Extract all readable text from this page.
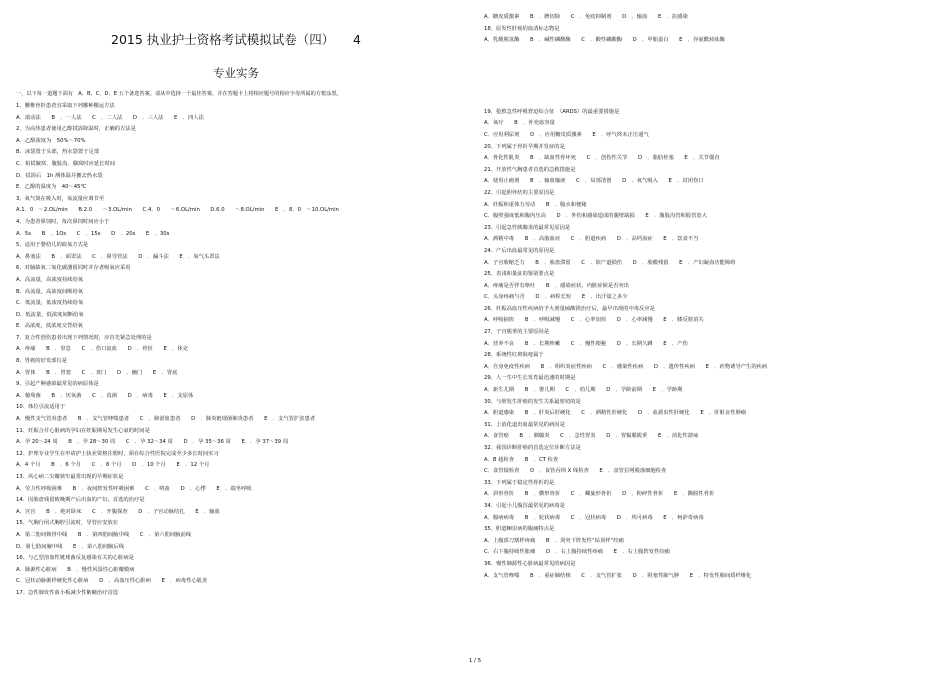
2015 执业护士资格考试模拟试卷（四）　　4
专业实务
一、以下每一道题下面有　A、B、C、D、E 五个备选答案。请从中选择一个最佳答案，并在答题卡上将相应题号的相应字母所属的方框涂黑。
1、腰椎骨折患者宜采取下列哪种搬运方法
A．滚动法　　B　．一人法　　C　．二人法　　D　．三人法　　E　．四人法
2、为高热患者使用乙醇拭浴降温时，正确的方法是
A．乙醇浓度为　50%～70%
B．冰袋置于头部，热水袋置于足部
C．拍拭腋窝、腹股沟、腘窝时应延长时间
D．拭浴后　1h 测体温并撤去热水袋
E．乙醇的温度为　40～45℃
3、氧气筒在吸入时，氧流量应调节至
A.1．0　～2.OL/min　　B.2.0　　～3.OL/min　　C.4．0　　～6.OL/min　　D.6.0　　～8.OL/min　　E　．8．0　～10.OL/min
4、为患者鼻饲时，每次鼻饲时间应小于
A．5s　　B　．1Os　　C　．15s　　D　．20s　　E　．30s
5、适用于婴幼儿的取氧方式是
A．鼻塞法　　B　．面罩法　　C　．鼻导管法　　D　．漏斗法　　E　．氧气头罩法
6、对脑缺氧二氧化碳潴留同时并存者吸氧应采用
A．高流量，高浓度持续给氧
B．高流量，高浓度间断给氧
C．低流量，低浓度持续给氧
D．低流量，低浓度间断给氧
E．高浓度，低浓度交替给氧
7、复合性创伤患者出现下列情况时，应首先紧急处理的是
A．疼痛　　B　．窒息　　C　．伤口流血　　D　．骨折　　E　．休克
8、胃癌的好发部位是
A．胃体　　B　．胃窦　　C　．贲门　　D　．幽门　　E　．胃底
9、引起产褥感染最常见的病原体是
A．葡萄菌　　B　．厌氧菌　　C　．真菌　　D　．病毒　　E　．支原体
10、体位引流适用于
A．慢性支气管炎患者　　B　．支气管哮喘患者　　C　．肺淤血患者　　D　．肺炎链球菌肺炎患者　　E　．支气管扩张患者
11、妊娠合并心脏病的孕妇在妊娠期易发生心衰的时间是
A．孕 20～24 周　　B　．孕 28～30 周　　C　．孕 32～34 周　　D　．孕 35～36 周　　E　．孕 37～39 周
12、护理专业学生在申请护士执业资格注册时，须在综合性医院完成至少多长时间实习
A．4 个月　　B　．6 个月　　C　．8 个月　　D　．10 个月　　E　．12 个月
13、风心病二尖瓣狭窄最常出现的早期症状是
A．劳力性呼吸困难　　B　．夜间阵发性呼吸困难　　C　．咯血　　D　．心悸　　E　．端坐呼吸
14、因胎盘残留致晚期产后出血的产妇，首选的治疗是
A．宫宫　　B　．绝对卧床　　C　．开腹探查　　D　．子宫动脉结扎　　E　．输血
15、气胸行闭式胸腔引流时，导管应安放在
A．第二肋间锁骨中线　　B　．第四肋间腋中线　　C　．第六肋间腋前线
D．第七肋间腋中线　　E　．第八肋间腋后线
16、与乙型溶血性链球菌反复感染有关的心脏病是
A．肺源性心脏病　　B　．慢性风湿性心脏瓣膜病
C．冠状动脉粥样硬化性心脏病　　D　．高血压性心脏病　　E　．病毒性心肌炎
17、急性肺发性血小板减少性紫癜治疗首选
A．糖皮质激素　　B　．脾切除　　C　．免疫抑制剂　　D　．输血　　E　．抗感染
18、原发性肝癌的血清标志物是
A．乳酸脱氢酶　　B　．碱性磷酸酶　　C　．酸性磷酸酶　　D　．甲胎蛋白　　E　．谷氨酰转肽酶
19、抢救急性呼吸窘迫综合征　（ARDS）的最重要措施是
A．氧疗　　B　．补充血容量
C．应用利尿剂　　D　．应用糖皮质激素　　E　．呼气终末正压通气
20、下列属于骨折早期并发症的是
A．骨化性肌炎　　B　．缺血性骨坏死　　C　．创伤性关节　　D　．脂肪栓塞　　E　．关节僵直
21、开放性气胸患者首选的急救措施是
A．使用止痛剂　　B　．输血输液　　C　．局部清创　　D　．氧气吸入　　E　．封闭伤口
22、引起胆外结的主要原因是
A．妊娠和重体力劳动　　B　．腹水和便秘
C．腹壁强度低和腹内压高　　D　．外伤和感染造成的腹壁缺损　　E　．腹股沟管和股管宽大
23、引起急性胰腺炎的最常见原因是
A．酒精中毒　　B　．高脂血症　　C　．胆道疾病　　D　．高钙血症　　E　．饮食不当
24、产后出血最常见的原因是
A．子宫收缩乏力　　B　．胎盘滞留　　C　．软产道损伤　　D　．胎膜残留　　E　．产妇凝血功能障碍
25、表浅和量証的鉴别要点是
A．疼痛是否伴有呕吐　　B　．感染症状、内脏症候是否突出
C．头身疼痛与否　　D　．病程长短　　E　．出汗量之多少
26、妊娠高血压性疾病给予大剂量硫酸镁治疗后，最早出现的中毒反应是
A．呼吸抽快　　B　．呼吸减慢　　C　．心率加快　　D　．心率减慢　　E　．膝反射消失
27、子宫脱垂的主要原因是
A．营养不良　　B　．长期咳嗽　　C　．慢性便秘　　D　．长期久蹲　　E　．产伤
28、系统性红斑狼疮属于
A．自身免疫性疾病　　B　．组织炎症性疾病　　C　．感染性疾病　　D　．遗传性疾病　　E　．药物诱导产生的疾病
29、人一生中生长发育最迅速的时期是
A．新生儿期　　B　．婴儿期　　C　．幼儿期　　D　．学龄前期　　E　．学龄期
30、与胆发生肝癌的发生关系最密切的是
A．胆道感染　　B　．肝炎后肝硬化　　C　．酒精性肝硬化　　D　．血源虫性肝硬化　　E　．肝脏良性肿瘤
31、上消化道出血最常见的病因是
A．食管癌　　B　．胰腺炎　　C　．急性胃炎　　D　．胃黏膜脱垂　　E　．消化性溃疡
32、我国诊断肝癌的首选定位诊断方法是
A．B 超检查　　B　．CT 检查
C．食管镜检查　　D　．食管吞钡 X 线检查　　E　．食管拉网脱落细胞检查
33、下列属于稳定性骨折的是
A．斜形骨折　　B　．横形骨折　　C　．螺旋形骨折　　D　．粉碎性骨折　　E　．撕脱性骨折
34、引起小儿腹泻最常见的病毒是
A．腺病病毒　　B　．轮状病毒　　C　．冠状病毒　　D　．埃可病毒　　E　．柯萨奇病毒
35、胆道蛔虫病的腹痛特点是
A．上腹部刀割样疼痛　　B　．剑突下阵发性“钻顶样”绞痛
C．右下腹持续性胀痛　　D　．右上腹持续性疼痛　　E　．右上腹阵发性绞痛
36、慢性肺源性心脏病最常见的病因是
A．支气管哮喘　　B　．重症肺结核　　C　．支气管扩张　　D　．阻塞性肺气肿　　E　．特发性肺间质纤维化
1 / 5
